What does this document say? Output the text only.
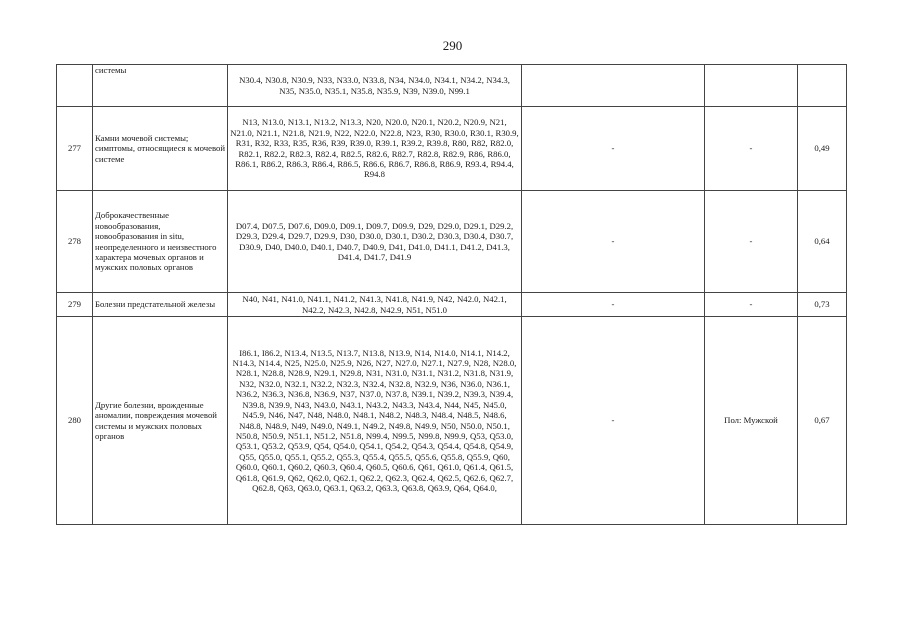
290
	системы	N30.4, N30.8, N30.9, N33, N33.0, N33.8, N34, N34.0, N34.1, N34.2, N34.3, N35, N35.0, N35.1, N35.8, N35.9, N39, N39.0, N99.1			
277	Камни мочевой системы; симптомы, относящиеся к мочевой системе	N13, N13.0, N13.1, N13.2, N13.3, N20, N20.0, N20.1, N20.2, N20.9, N21, N21.0, N21.1, N21.8, N21.9, N22, N22.0, N22.8, N23, R30, R30.0, R30.1, R30.9, R31, R32, R33, R35, R36, R39, R39.0, R39.1, R39.2, R39.8, R80, R82, R82.0, R82.1, R82.2, R82.3, R82.4, R82.5, R82.6, R82.7, R82.8, R82.9, R86, R86.0, R86.1, R86.2, R86.3, R86.4, R86.5, R86.6, R86.7, R86.8, R86.9, R93.4, R94.4, R94.8	-	-	0,49
278	Доброкачественные новообразования, новообразования in situ, неопределенного и неизвестного характера мочевых органов и мужских половых органов	D07.4, D07.5, D07.6, D09.0, D09.1, D09.7, D09.9, D29, D29.0, D29.1, D29.2, D29.3, D29.4, D29.7, D29.9, D30, D30.0, D30.1, D30.2, D30.3, D30.4, D30.7, D30.9, D40, D40.0, D40.1, D40.7, D40.9, D41, D41.0, D41.1, D41.2, D41.3, D41.4, D41.7, D41.9	-	-	0,64
279	Болезни предстательной железы	N40, N41, N41.0, N41.1, N41.2, N41.3, N41.8, N41.9, N42, N42.0, N42.1, N42.2, N42.3, N42.8, N42.9, N51, N51.0	-	-	0,73
280	Другие болезни, врожденные аномалии, повреждения мочевой системы и мужских половых органов	I86.1, I86.2, N13.4, N13.5, N13.7, N13.8, N13.9, N14, N14.0, N14.1, N14.2, N14.3, N14.4, N25, N25.0, N25.9, N26, N27, N27.0, N27.1, N27.9, N28, N28.0, N28.1, N28.8, N28.9, N29.1, N29.8, N31, N31.0, N31.1, N31.2, N31.8, N31.9, N32, N32.0, N32.1, N32.2, N32.3, N32.4, N32.8, N32.9, N36, N36.0, N36.1, N36.2, N36.3, N36.8, N36.9, N37, N37.0, N37.8, N39.1, N39.2, N39.3, N39.4, N39.8, N39.9, N43, N43.0, N43.1, N43.2, N43.3, N43.4, N44, N45, N45.0, N45.9, N46, N47, N48, N48.0, N48.1, N48.2, N48.3, N48.4, N48.5, N48.6, N48.8, N48.9, N49, N49.0, N49.1, N49.2, N49.8, N49.9, N50, N50.0, N50.1, N50.8, N50.9, N51.1, N51.2, N51.8, N99.4, N99.5, N99.8, N99.9, Q53, Q53.0, Q53.1, Q53.2, Q53.9, Q54, Q54.0, Q54.1, Q54.2, Q54.3, Q54.4, Q54.8, Q54.9, Q55, Q55.0, Q55.1, Q55.2, Q55.3, Q55.4, Q55.5, Q55.6, Q55.8, Q55.9, Q60, Q60.0, Q60.1, Q60.2, Q60.3, Q60.4, Q60.5, Q60.6, Q61, Q61.0, Q61.4, Q61.5, Q61.8, Q61.9, Q62, Q62.0, Q62.1, Q62.2, Q62.3, Q62.4, Q62.5, Q62.6, Q62.7, Q62.8, Q63, Q63.0, Q63.1, Q63.2, Q63.3, Q63.8, Q63.9, Q64, Q64.0,	-	Пол: Мужской	0,67
